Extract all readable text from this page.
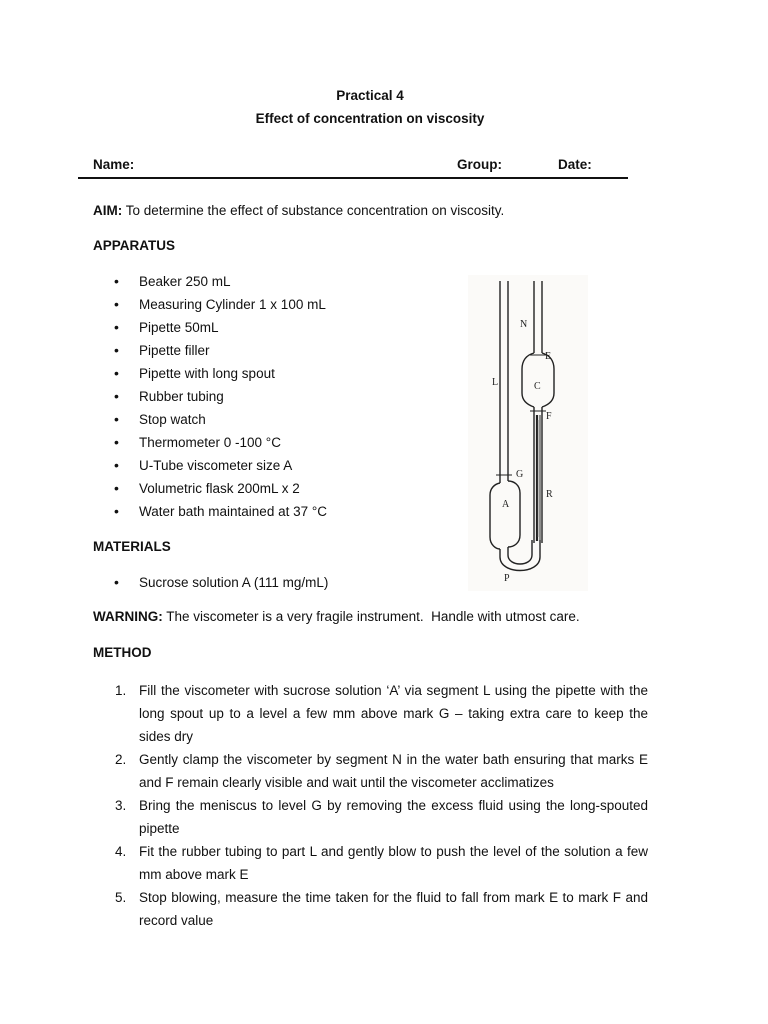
Practical 4
Effect of concentration on viscosity
Name:	Group:	Date:
AIM: To determine the effect of substance concentration on viscosity.
APPARATUS
• Beaker 250 mL
• Measuring Cylinder 1 x 100 mL
• Pipette 50mL
• Pipette filler
• Pipette with long spout
• Rubber tubing
• Stop watch
• Thermometer 0 -100 °C
• U-Tube viscometer size A
• Volumetric flask 200mL x 2
• Water bath maintained at 37 °C
N
E
C
F
L
G
A
R
P
MATERIALS
• Sucrose solution A (111 mg/mL)
WARNING: The viscometer is a very fragile instrument.  Handle with utmost care.
METHOD
1. Fill the viscometer with sucrose solution ‘A’ via segment L using the pipette with the long spout up to a level a few mm above mark G – taking extra care to keep the sides dry
2. Gently clamp the viscometer by segment N in the water bath ensuring that marks E and F remain clearly visible and wait until the viscometer acclimatizes
3. Bring the meniscus to level G by removing the excess fluid using the long-spouted pipette
4. Fit the rubber tubing to part L and gently blow to push the level of the solution a few mm above mark E
5. Stop blowing, measure the time taken for the fluid to fall from mark E to mark F and record value
